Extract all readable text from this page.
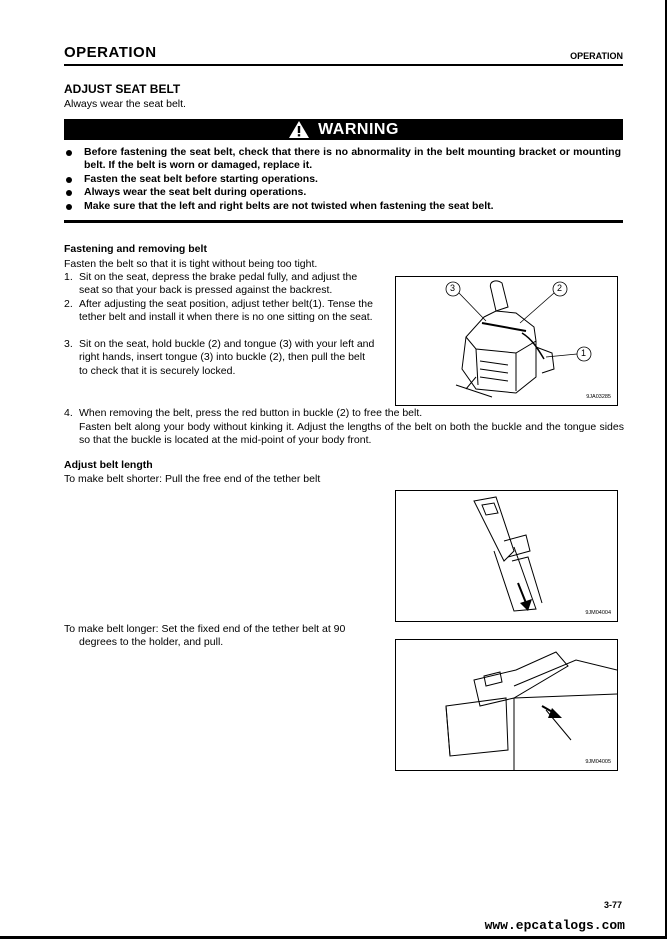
OPERATION	OPERATION
ADJUST SEAT BELT
Always wear the seat belt.
WARNING
Before fastening the seat belt, check that there is no abnormality in the belt mounting bracket or mounting belt. If the belt is worn or damaged, replace it.
Fasten the seat belt before starting operations.
Always wear the seat belt during operations.
Make sure that the left and right belts are not twisted when fastening the seat belt.
Fastening and removing belt
Fasten the belt so that it is tight without being too tight.
1. Sit on the seat, depress the brake pedal fully, and adjust the seat so that your back is pressed against the backrest.
2. After adjusting the seat position, adjust tether belt(1). Tense the tether belt and install it when there is no one sitting on the seat.
3. Sit on the seat, hold buckle (2) and tongue (3) with your left and right hands, insert tongue (3) into buckle (2), then pull the belt to check that it is securely locked.
3	2
1
9JA03285
4. When removing the belt, press the red button in buckle (2) to free the belt.
Fasten belt along your body without kinking it. Adjust the lengths of the belt on both the buckle and the tongue sides so that the buckle is located at the mid-point of your body front.
Adjust belt length
To make belt shorter: Pull the free end of the tether belt
9JM04004
To make belt longer: Set the fixed end of the tether belt at 90 degrees to the holder, and pull.
9JM04005
3-77
www.epcatalogs.com
